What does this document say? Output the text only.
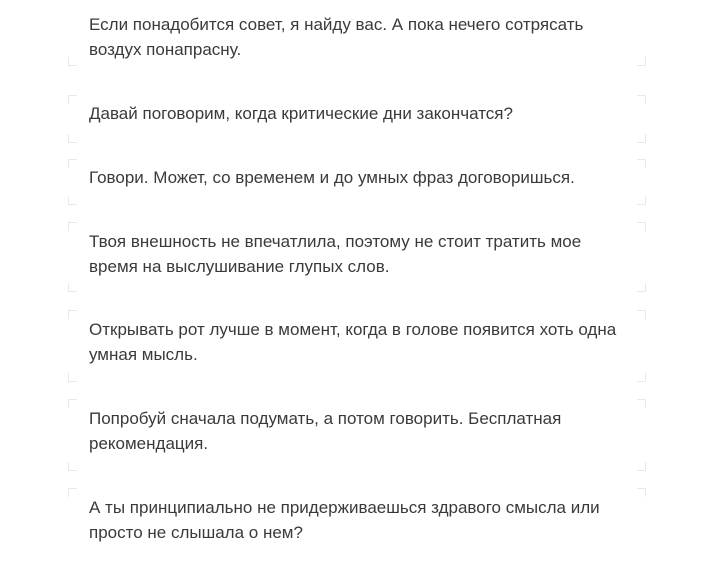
Если понадобится совет, я найду вас. А пока нечего сотрясать воздух понапрасну.

Давай поговорим, когда критические дни закончатся?

Говори. Может, со временем и до умных фраз договоришься.

Твоя внешность не впечатлила, поэтому не стоит тратить мое время на выслушивание глупых слов.

Открывать рот лучше в момент, когда в голове появится хоть одна умная мысль.

Попробуй сначала подумать, а потом говорить. Бесплатная рекомендация.

А ты принципиально не придерживаешься здравого смысла или просто не слышала о нем?
